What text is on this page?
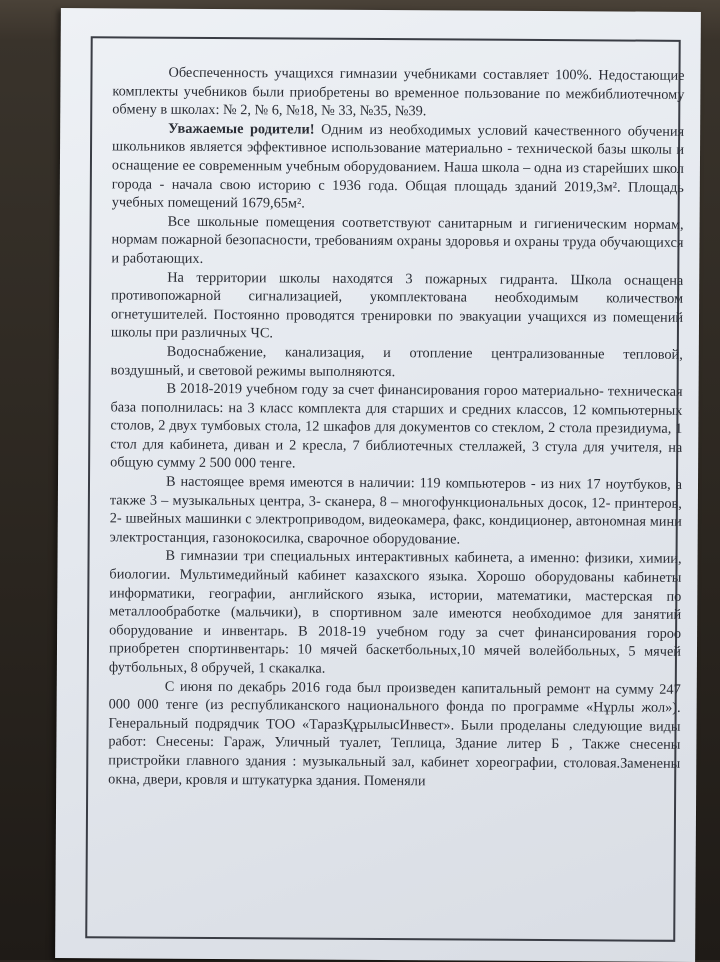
Обеспеченность учащихся гимназии учебниками составляет 100%. Недостающие комплекты учебников были приобретены во временное пользование по межбиблиотечному обмену в школах: № 2, № 6, №18, № 33, №35, №39.

Уважаемые родители! Одним из необходимых условий качественного обучения школьников является эффективное использование материально - технической базы школы и оснащение ее современным учебным оборудованием. Наша школа – одна из старейших школ города - начала свою историю с 1936 года. Общая площадь зданий 2019,3м². Площадь учебных помещений 1679,65м².

Все школьные помещения соответствуют санитарным и гигиеническим нормам, нормам пожарной безопасности, требованиям охраны здоровья и охраны труда обучающихся и работающих.

На территории школы находятся 3 пожарных гидранта. Школа оснащена противопожарной сигнализацией, укомплектована необходимым количеством огнетушителей. Постоянно проводятся тренировки по эвакуации учащихся из помещений школы при различных ЧС.

Водоснабжение, канализация, и отопление централизованные тепловой, воздушный, и световой режимы выполняются.

В 2018-2019 учебном году за счет финансирования гороо материально- техническая база пополнилась: на 3 класс комплекта для старших и средних классов, 12 компьютерных столов, 2 двух тумбовых стола, 12 шкафов для документов со стеклом, 2 стола президиума, 1 стол для кабинета, диван и 2 кресла, 7 библиотечных стеллажей, 3 стула для учителя, на общую сумму 2 500 000 тенге.

В настоящее время имеются в наличии: 119 компьютеров - из них 17 ноутбуков, а также 3 – музыкальных центра, 3- сканера, 8 – многофункциональных досок, 12- принтеров, 2- швейных машинки с электроприводом, видеокамера, факс, кондиционер, автономная мини электростанция, газонокосилка, сварочное оборудование.

В гимназии три специальных интерактивных кабинета, а именно: физики, химии, биологии. Мультимедийный кабинет казахского языка. Хорошо оборудованы кабинеты информатики, географии, английского языка, истории, математики, мастерская по металлообработке (мальчики), в спортивном зале имеются необходимое для занятий оборудование и инвентарь. В 2018-19 учебном году за счет финансирования гороо приобретен спортинвентарь: 10 мячей баскетбольных,10 мячей волейбольных, 5 мячей футбольных, 8 обручей, 1 скакалка.

С июня по декабрь 2016 года был произведен капитальный ремонт на сумму 247 000 000 тенге (из республиканского национального фонда по программе «Нұрлы жол»). Генеральный подрядчик ТОО «ТаразҚұрылысИнвест». Были проделаны следующие виды работ: Снесены: Гараж, Уличный туалет, Теплица, Здание литер Б , Также снесены пристройки главного здания : музыкальный зал, кабинет хореографии, столовая.Заменены окна, двери, кровля и штукатурка здания. Поменяли
